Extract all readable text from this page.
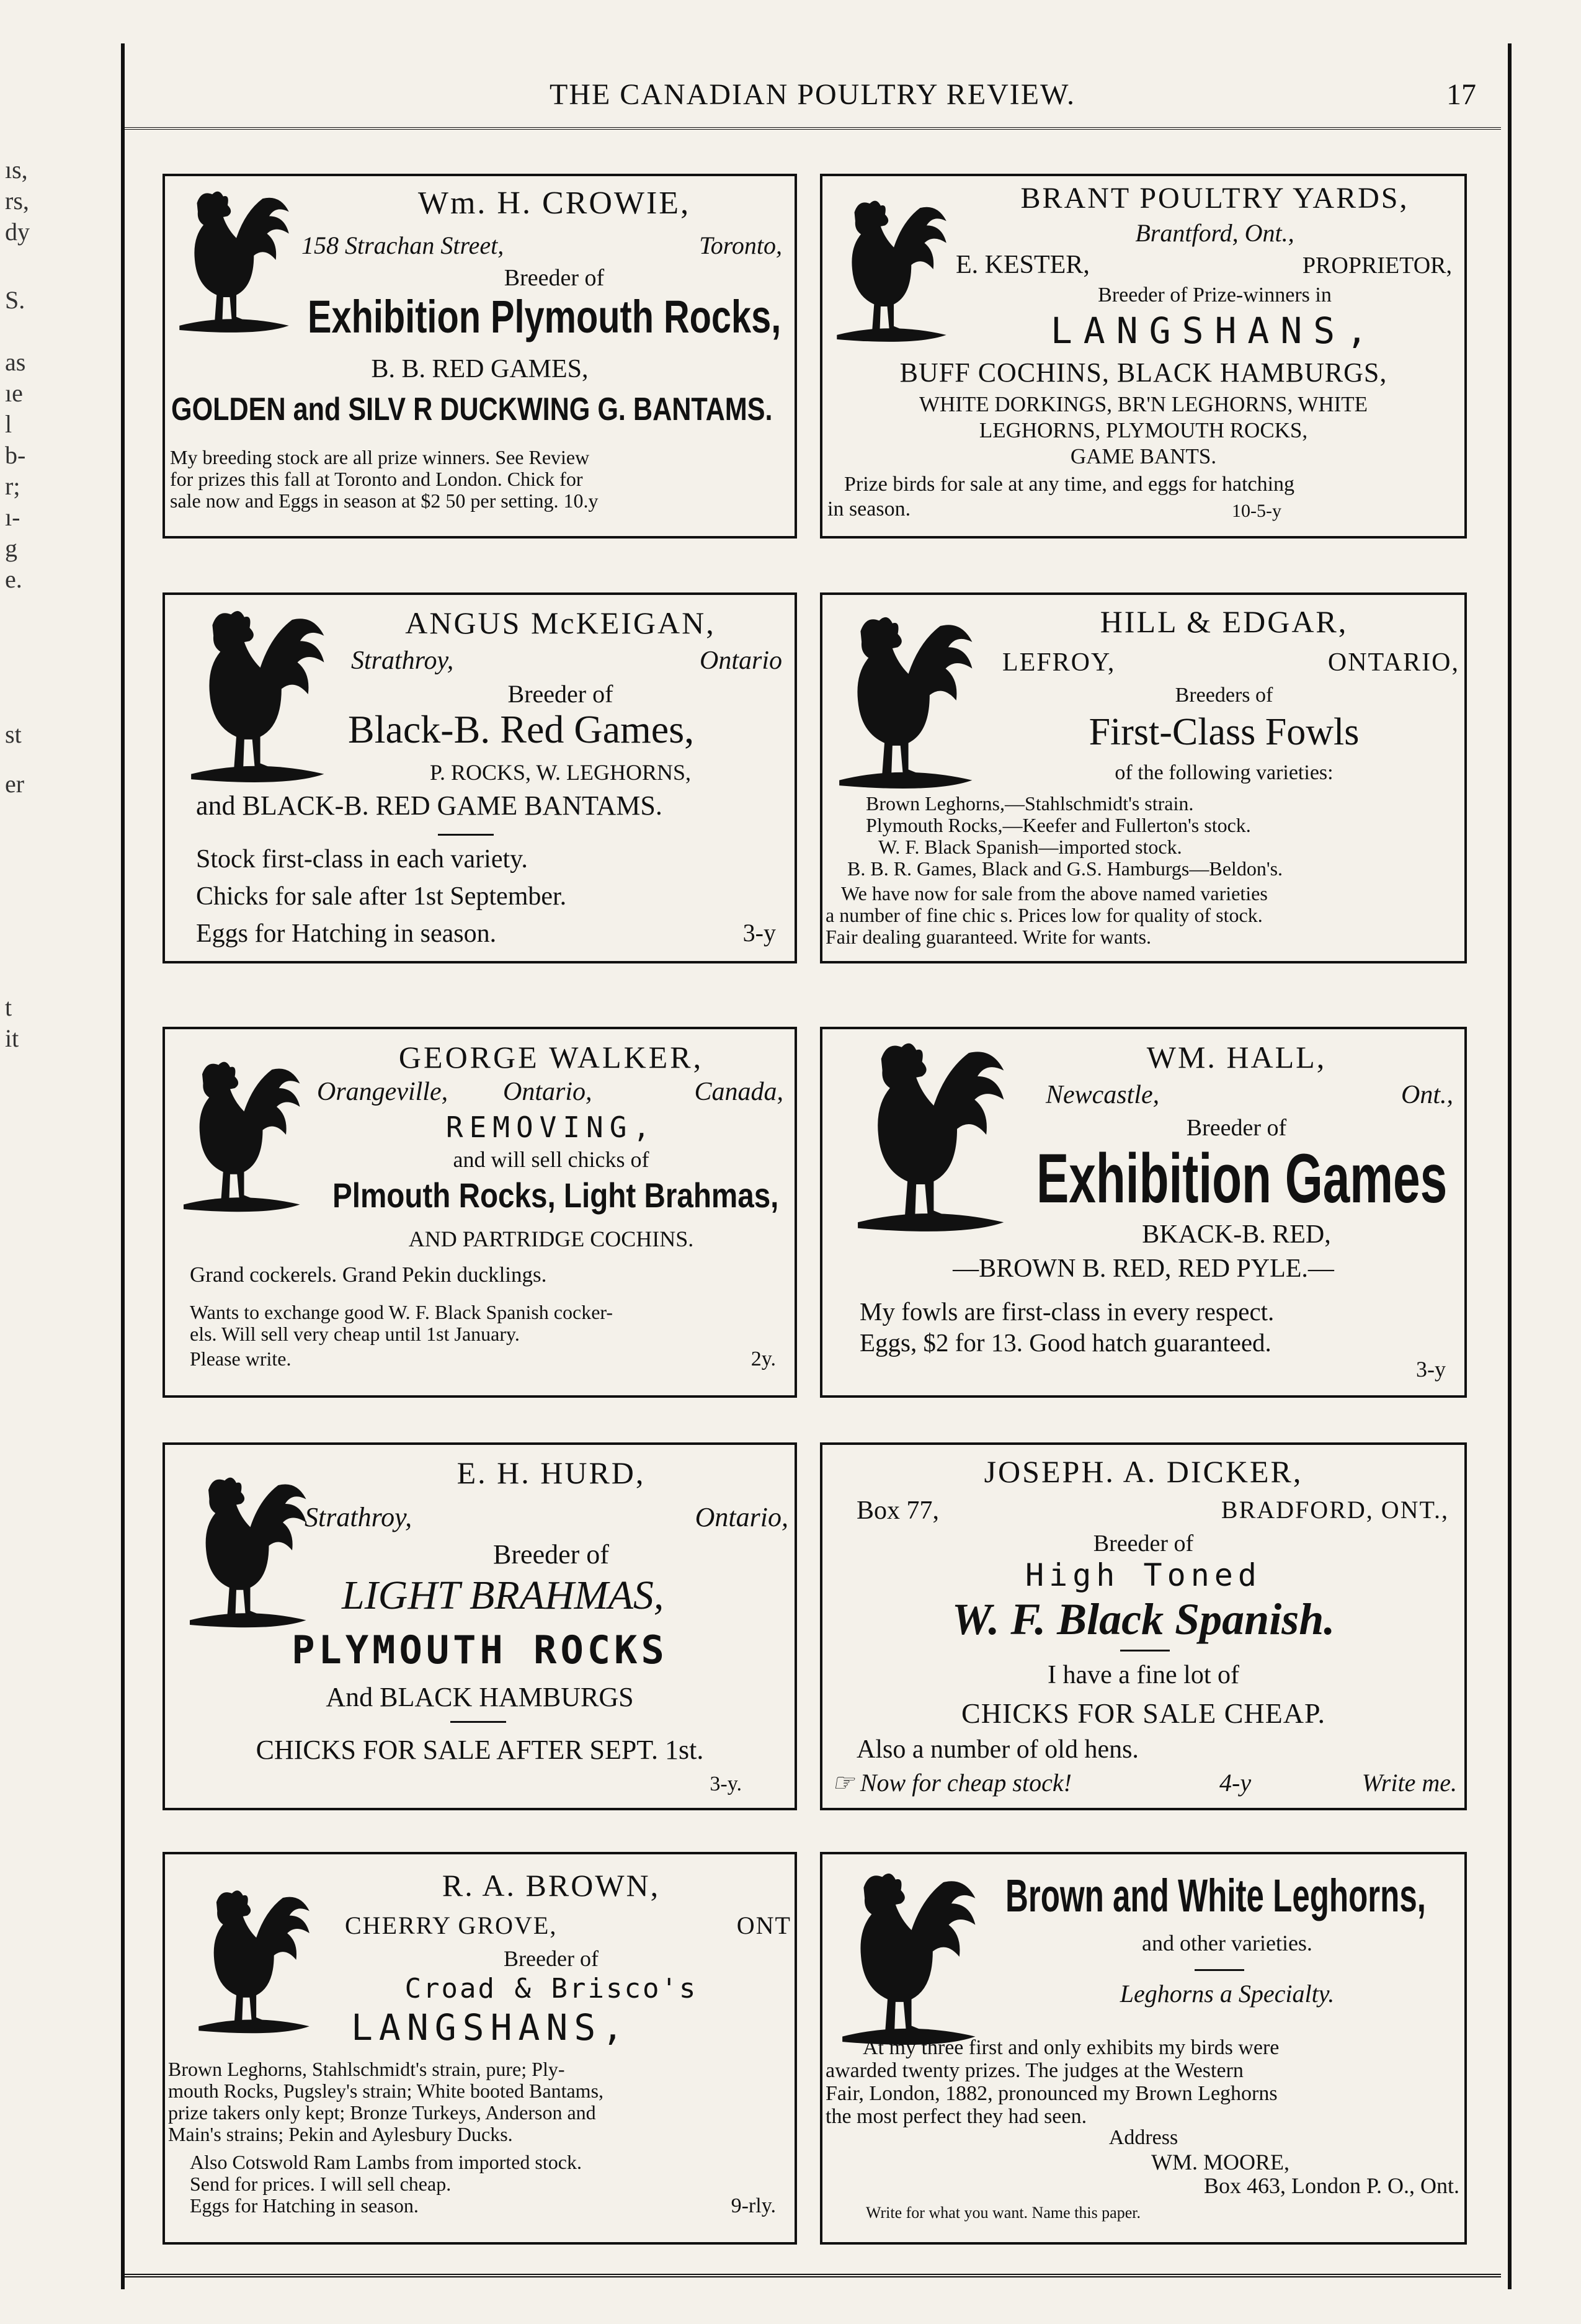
ıs,
rs,
dy
S.
as
ıe
l
b-
r;
ı-
g
e.
st
er
t
it
THE CANADIAN POULTRY REVIEW.	17
Wm. H. CROWIE,
158 Strachan Street,	Toronto,
Breeder of
Exhibition Plymouth Rocks,
B. B. RED GAMES,
GOLDEN and SILV R DUCKWING G. BANTAMS.
My breeding stock are all prize winners. See Review
for prizes this fall at Toronto and London. Chick for
sale now and Eggs in season at $2 50 per setting. 10.y
BRANT POULTRY YARDS,
Brantford, Ont.,
E. KESTER,	PROPRIETOR,
Breeder of Prize-winners in
LANGSHANS,
BUFF COCHINS, BLACK HAMBURGS,
WHITE DORKINGS, BR'N LEGHORNS, WHITE
LEGHORNS, PLYMOUTH ROCKS,
GAME BANTS.
Prize birds for sale at any time, and eggs for hatching
in season.	10-5-y
ANGUS McKEIGAN,
Strathroy,	Ontario
Breeder of
Black-B. Red Games,
P. ROCKS, W. LEGHORNS,
and BLACK-B. RED GAME BANTAMS.
Stock first-class in each variety.
Chicks for sale after 1st September.
Eggs for Hatching in season.	3-y
HILL & EDGAR,
LEFROY,	ONTARIO,
Breeders of
First-Class Fowls
of the following varieties:
Brown Leghorns,—Stahlschmidt's strain.
Plymouth Rocks,—Keefer and Fullerton's stock.
W. F. Black Spanish—imported stock.
B. B. R. Games, Black and G.S. Hamburgs—Beldon's.
We have now for sale from the above named varieties
a number of fine chic s. Prices low for quality of stock.
Fair dealing guaranteed. Write for wants.
GEORGE WALKER,
Orangeville, Ontario,	Canada,
REMOVING,
and will sell chicks of
Plmouth Rocks, Light Brahmas,
AND PARTRIDGE COCHINS.
Grand cockerels. Grand Pekin ducklings.
Wants to exchange good W. F. Black Spanish cocker-
els. Will sell very cheap until 1st January.
Please write.	2y.
WM. HALL,
Newcastle,	Ont.,
Breeder of
Exhibition Games
BKACK-B. RED,
—BROWN B. RED, RED PYLE.—
My fowls are first-class in every respect.
Eggs, $2 for 13. Good hatch guaranteed.
3-y
E. H. HURD,
Strathroy,	Ontario,
Breeder of
LIGHT BRAHMAS,
PLYMOUTH ROCKS
And BLACK HAMBURGS
CHICKS FOR SALE AFTER SEPT. 1st.
3-y.
JOSEPH. A. DICKER,
Box 77,	BRADFORD, ONT.,
Breeder of
High Toned
W. F. Black Spanish.
I have a fine lot of
CHICKS FOR SALE CHEAP.
Also a number of old hens.
☞ Now for cheap stock!	4-y	Write me.
R. A. BROWN,
CHERRY GROVE,	ONT
Breeder of
Croad & Brisco's
LANGSHANS,
Brown Leghorns, Stahlschmidt's strain, pure; Ply-
mouth Rocks, Pugsley's strain; White booted Bantams,
prize takers only kept; Bronze Turkeys, Anderson and
Main's strains; Pekin and Aylesbury Ducks.
Also Cotswold Ram Lambs from imported stock.
Send for prices. I will sell cheap.
Eggs for Hatching in season.	9-rly.
Brown and White Leghorns,
and other varieties.
Leghorns a Specialty.
At my three first and only exhibits my birds were
awarded twenty prizes. The judges at the Western
Fair, London, 1882, pronounced my Brown Leghorns
the most perfect they had seen.
Address
WM. MOORE,
Box 463, London P. O., Ont.
Write for what you want. Name this paper.
